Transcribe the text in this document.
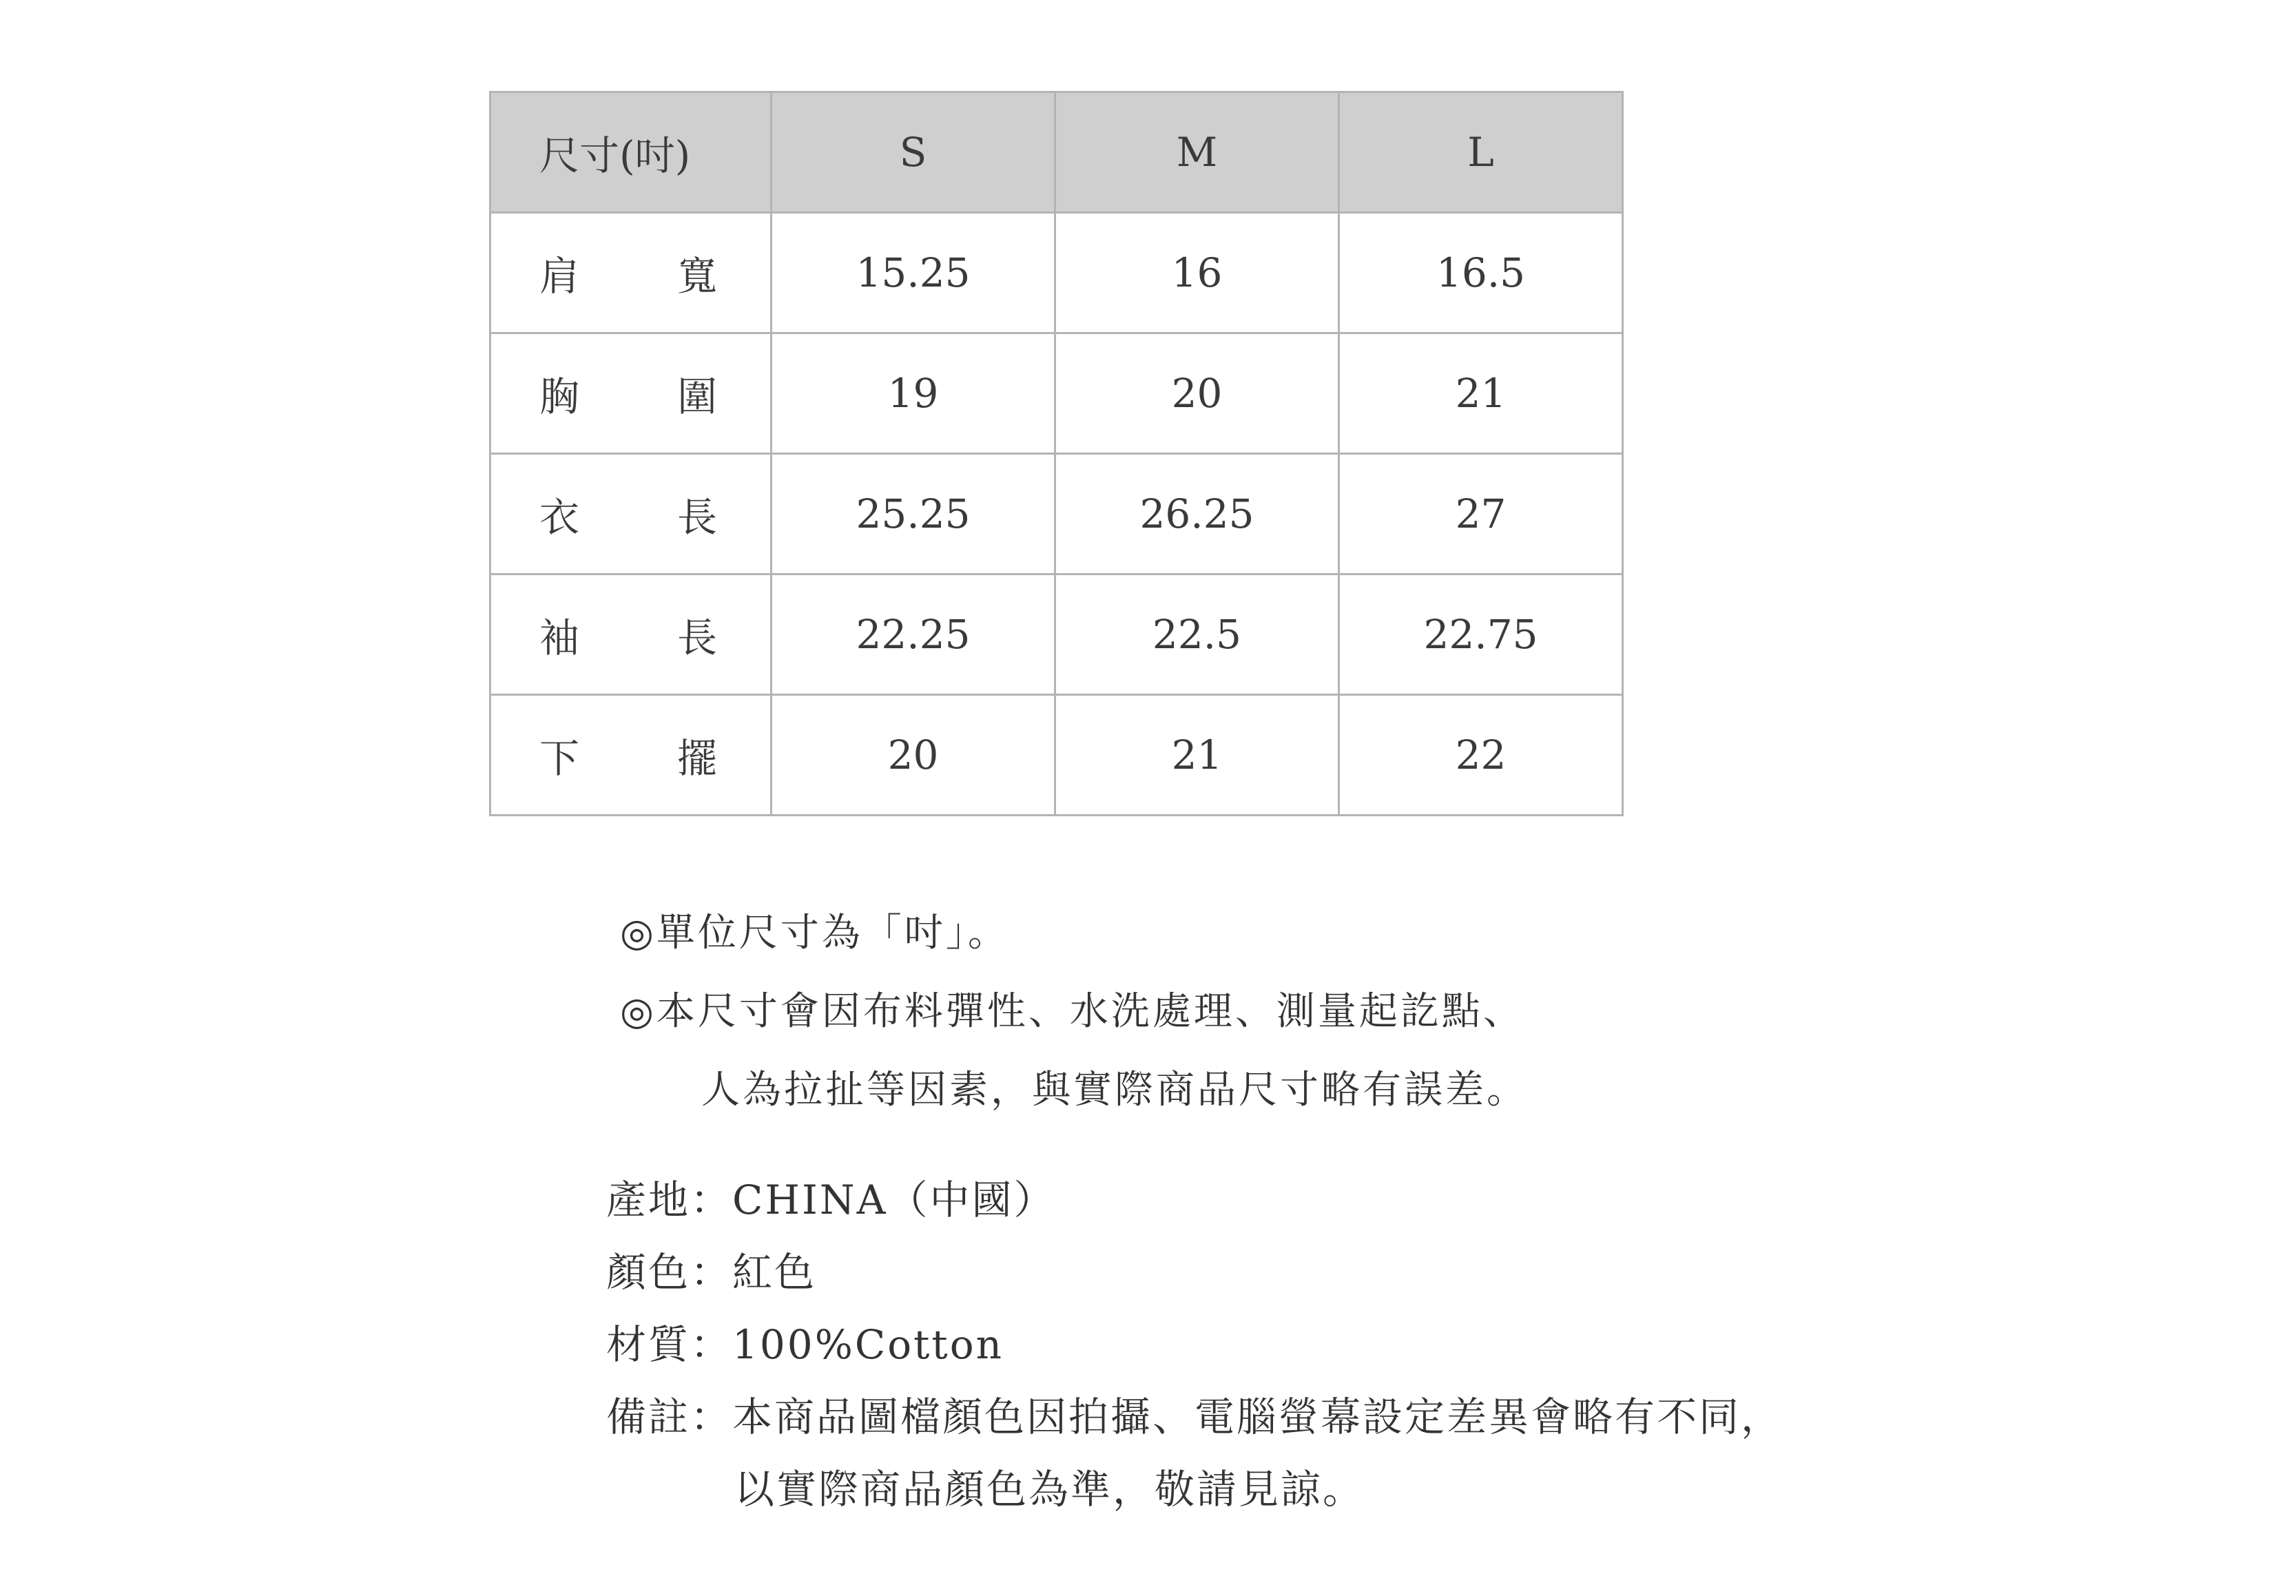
尺寸(吋)	S	M	L
肩 寬	15.25	16	16.5
胸 圍	19	20	21
衣 長	25.25	26.25	27
袖 長	22.25	22.5	22.75
下 擺	20	21	22
◎單位尺寸為「吋」。
◎本尺寸會因布料彈性、水洗處理、測量起訖點、
人為拉扯等因素，與實際商品尺寸略有誤差。
產地：CHINA（中國）
顏色：紅色
材質：100%Cotton
備註：本商品圖檔顏色因拍攝、電腦螢幕設定差異會略有不同，
以實際商品顏色為準，敬請見諒。
